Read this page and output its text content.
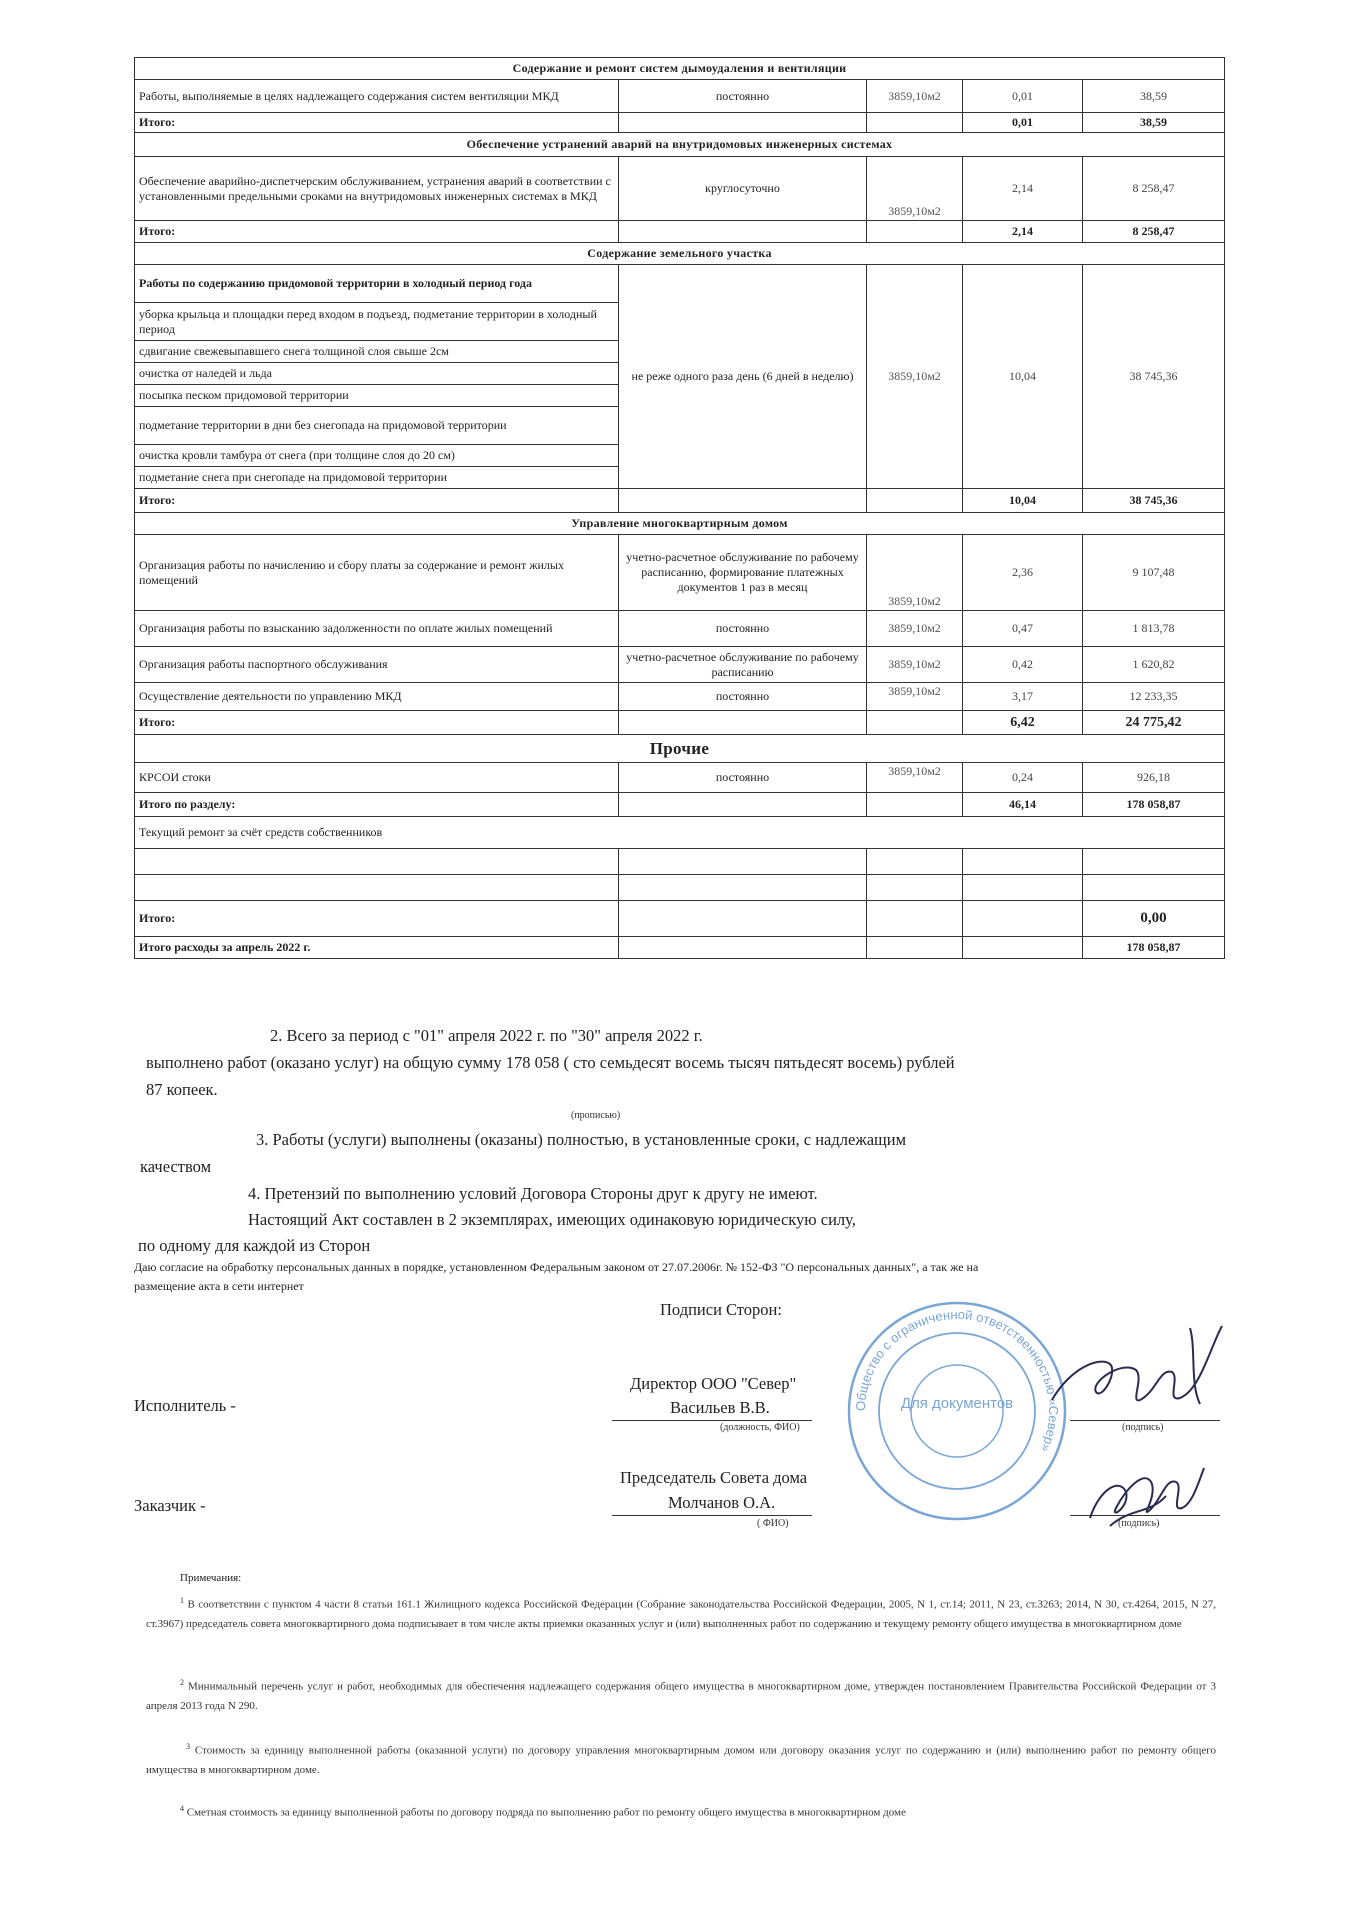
Содержание и ремонт систем дымоудаления и вентиляции				
Работы, выполняемые в целях надлежащего содержания систем вентиляции МКД	постоянно	3859,10м2	0,01	38,59
Итого:			0,01	38,59
Обеспечение устранений аварий на внутридомовых инженерных системах				
Обеспечение аварийно-диспетчерским обслуживанием, устранения аварий в соответствии с установленными предельными сроками на внутридомовых инженерных системах в МКД	круглосуточно	3859,10м2	2,14	8 258,47
Итого:			2,14	8 258,47
Содержание земельного участка				
Работы по содержанию придомовой территории в холодный период года	не реже одного раза день (6 дней в неделю)	3859,10м2	10,04	38 745,36
уборка крыльца и площадки перед входом в подъезд, подметание территории в холодный период				
сдвигание свежевыпавшего снега толщиной слоя свыше 2см				
очистка от наледей и льда				
посыпка песком придомовой территории				
подметание территории в дни без снегопада на придомовой территории				
очистка кровли тамбура от снега (при толщине слоя до 20 см)				
подметание снега при снегопаде на придомовой территории				
Итого:			10,04	38 745,36
Управление многоквартирным домом				
Организация работы по начислению и сбору платы за содержание и ремонт жилых помещений	учетно-расчетное обслуживание по рабочему расписанию, формирование платежных документов 1 раз в месяц	3859,10м2	2,36	9 107,48
Организация работы по взысканию задолженности по оплате жилых помещений	постоянно	3859,10м2	0,47	1 813,78
Организация работы паспортного обслуживания	учетно-расчетное обслуживание по рабочему расписанию	3859,10м2	0,42	1 620,82
Осуществление деятельности по управлению МКД	постоянно	3859,10м2	3,17	12 233,35
Итого:			6,42	24 775,42
Прочие				
КРСОИ стоки	постоянно	3859,10м2	0,24	926,18
Итого по разделу:			46,14	178 058,87
Текущий ремонт за счёт средств собственников				

Итого:				0,00
Итого расходы за апрель 2022 г.				178 058,87
2. Всего за период с "01" апреля 2022 г. по "30" апреля 2022 г.
выполнено работ (оказано услуг) на общую сумму 178 058 ( сто семьдесят восемь тысяч пятьдесят восемь) рублей
87 копеек.
(прописью)
3. Работы (услуги) выполнены (оказаны) полностью, в установленные сроки, с надлежащим
качеством
4. Претензий по выполнению условий Договора Стороны друг к другу не имеют.
Настоящий Акт составлен в 2 экземплярах, имеющих одинаковую юридическую силу,
по одному для каждой из Сторон
Даю согласие на обработку персональных данных в порядке, установленном Федеральным законом от 27.07.2006г. № 152-ФЗ "О персональных данных", а так же на
размещение акта в сети интернет
Подписи Сторон:
Общество с ограниченной ответственностью «Север»
Для документов
Исполнитель -
Директор ООО "Север"
Васильев В.В.
(должность, ФИО)	(подпись)
Заказчик -
Председатель Совета дома
Молчанов О.А.
( ФИО)	(подпись)
Примечания:
$^1$ В соответствии с пунктом 4 части 8 статьи 161.1 Жилищного кодекса Российской Федерации (Собрание законодательства Российской Федерации, 2005, N 1, ст.14; 2011, N 23, ст.3263; 2014, N 30, ст.4264, 2015, N 27, ст.3967) председатель совета многоквартирного дома подписывает в том числе акты приемки оказанных услуг и (или) выполненных работ по содержанию и текущему ремонту общего имущества в многоквартирном доме
$^2$ Минимальный перечень услуг и работ, необходимых для обеспечения надлежащего содержания общего имущества в многоквартирном доме, утвержден постановлением Правительства Российской Федерации от 3 апреля 2013 года N 290.
$^3$ Стоимость за единицу выполненной работы (оказанной услуги) по договору управления многоквартирным домом или договору оказания услуг по содержанию и (или) выполнению работ по ремонту общего имущества в многоквартирном доме.
$^4$ Сметная стоимость за единицу выполненной работы по договору подряда по выполнению работ по ремонту общего имущества в многоквартирном доме
